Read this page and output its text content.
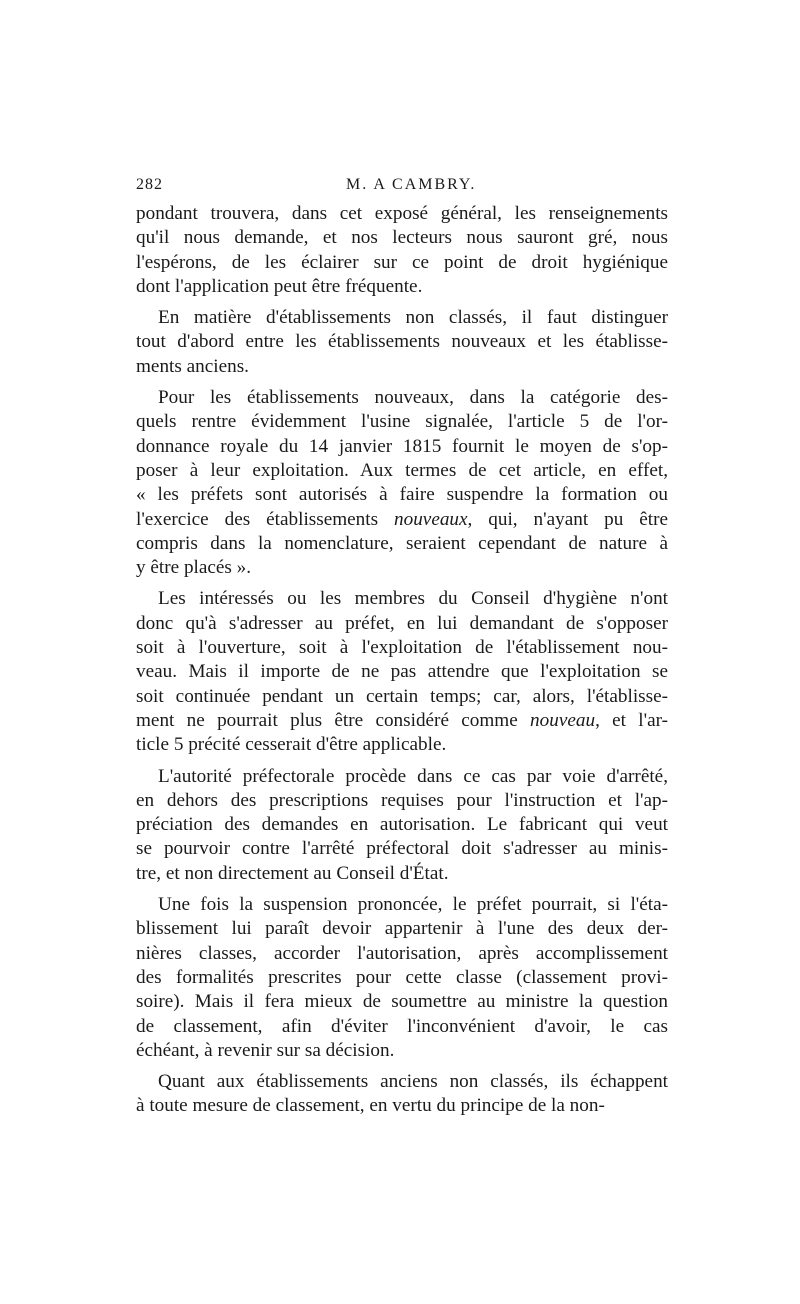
282	M. A CAMBRY.
pondant trouvera, dans cet exposé général, les renseignements
qu'il nous demande, et nos lecteurs nous sauront gré, nous
l'espérons, de les éclairer sur ce point de droit hygiénique
dont l'application peut être fréquente.
En matière d'établissements non classés, il faut distinguer
tout d'abord entre les établissements nouveaux et les établisse-
ments anciens.
Pour les établissements nouveaux, dans la catégorie des-
quels rentre évidemment l'usine signalée, l'article 5 de l'or-
donnance royale du 14 janvier 1815 fournit le moyen de s'op-
poser à leur exploitation. Aux termes de cet article, en effet,
« les préfets sont autorisés à faire suspendre la formation ou
l'exercice des établissements nouveaux, qui, n'ayant pu être
compris dans la nomenclature, seraient cependant de nature à
y être placés ».
Les intéressés ou les membres du Conseil d'hygiène n'ont
donc qu'à s'adresser au préfet, en lui demandant de s'opposer
soit à l'ouverture, soit à l'exploitation de l'établissement nou-
veau. Mais il importe de ne pas attendre que l'exploitation se
soit continuée pendant un certain temps; car, alors, l'établisse-
ment ne pourrait plus être considéré comme nouveau, et l'ar-
ticle 5 précité cesserait d'être applicable.
L'autorité préfectorale procède dans ce cas par voie d'arrêté,
en dehors des prescriptions requises pour l'instruction et l'ap-
préciation des demandes en autorisation. Le fabricant qui veut
se pourvoir contre l'arrêté préfectoral doit s'adresser au minis-
tre, et non directement au Conseil d'État.
Une fois la suspension prononcée, le préfet pourrait, si l'éta-
blissement lui paraît devoir appartenir à l'une des deux der-
nières classes, accorder l'autorisation, après accomplissement
des formalités prescrites pour cette classe (classement provi-
soire). Mais il fera mieux de soumettre au ministre la question
de classement, afin d'éviter l'inconvénient d'avoir, le cas
échéant, à revenir sur sa décision.
Quant aux établissements anciens non classés, ils échappent
à toute mesure de classement, en vertu du principe de la non-
